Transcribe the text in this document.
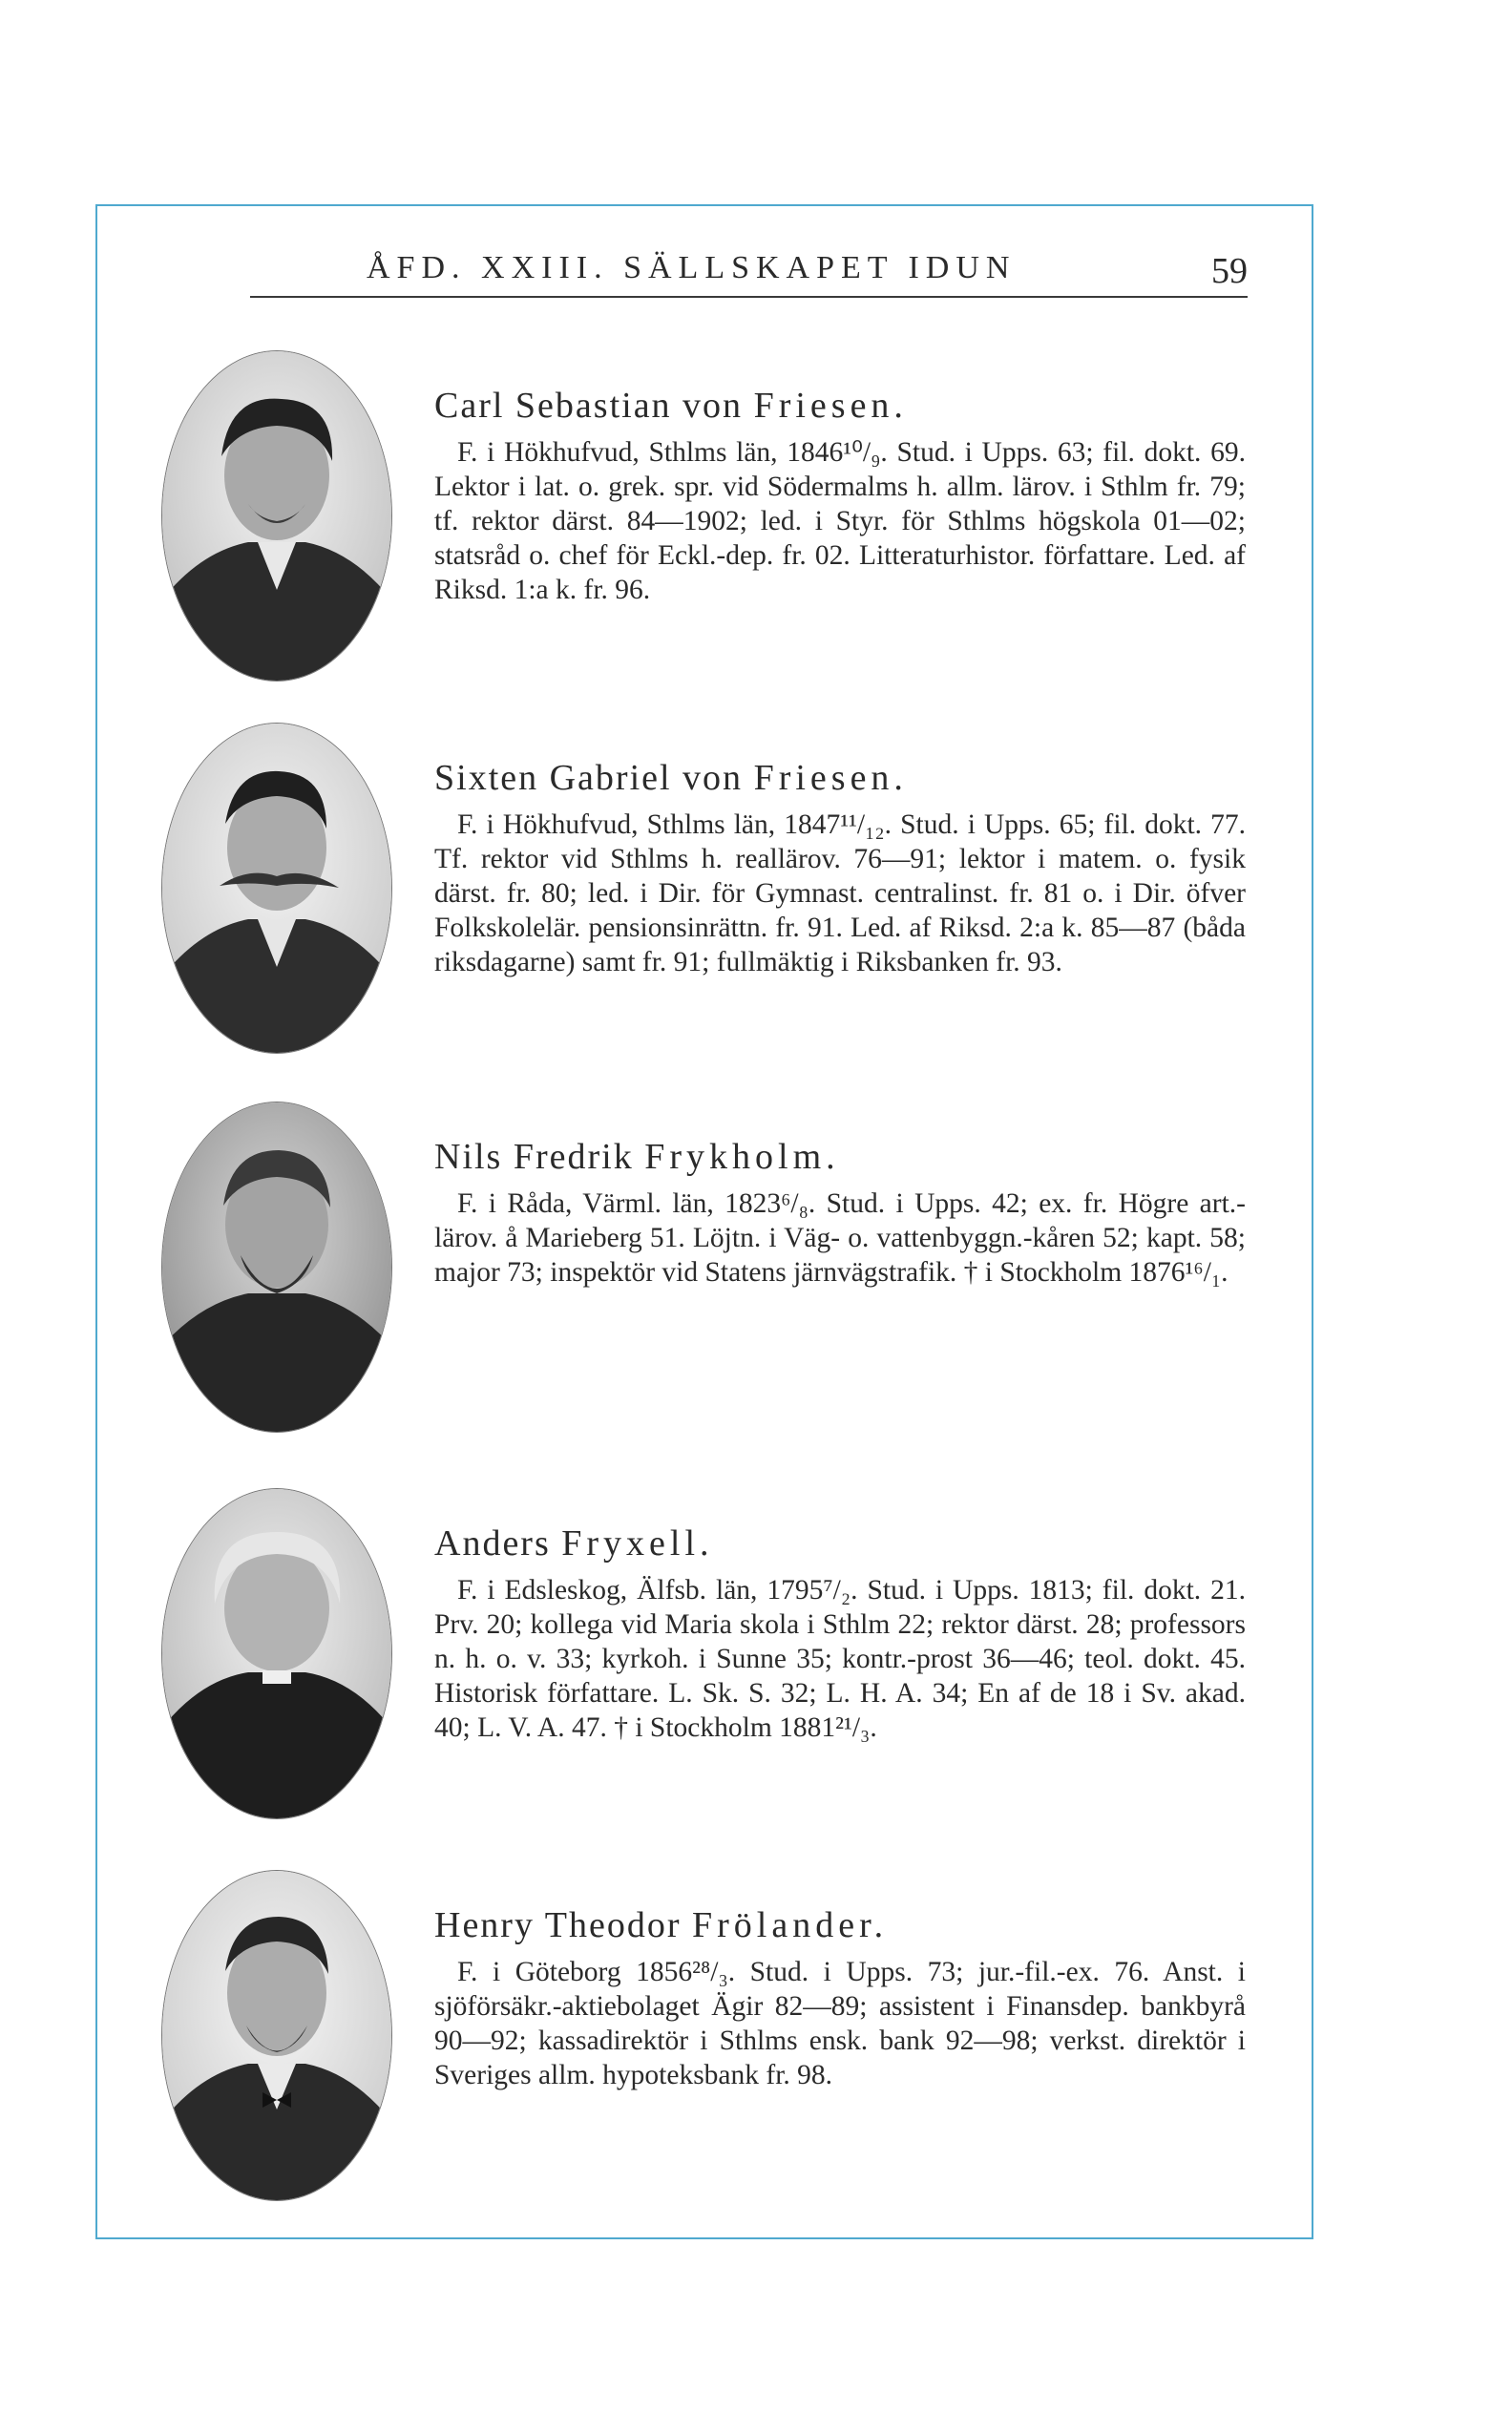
ÅFD. XXIII. SÄLLSKAPET IDUN	59

Carl Sebastian von Friesen.

F. i Hökhufvud, Sthlms län, 1846¹⁰/₉. Stud. i Upps. 63; fil. dokt. 69. Lektor i lat. o. grek. spr. vid Södermalms h. allm. lärov. i Sthlm fr. 79; tf. rektor därst. 84—1902; led. i Styr. för Sthlms högskola 01—02; statsråd o. chef för Eckl.-dep. fr. 02. Litteraturhistor. författare. Led. af Riksd. 1:a k. fr. 96.

Sixten Gabriel von Friesen.

F. i Hökhufvud, Sthlms län, 1847¹¹/₁₂. Stud. i Upps. 65; fil. dokt. 77. Tf. rektor vid Sthlms h. reallärov. 76—91; lektor i matem. o. fysik därst. fr. 80; led. i Dir. för Gymnast. centralinst. fr. 81 o. i Dir. öfver Folkskolelär. pensionsinrättn. fr. 91. Led. af Riksd. 2:a k. 85—87 (båda riksdagarne) samt fr. 91; fullmäktig i Riksbanken fr. 93.

Nils Fredrik Frykholm.

F. i Råda, Värml. län, 1823⁶/₈. Stud. i Upps. 42; ex. fr. Högre art.-lärov. å Marieberg 51. Löjtn. i Väg- o. vattenbyggn.-kåren 52; kapt. 58; major 73; inspektör vid Statens järnvägstrafik. † i Stockholm 1876¹⁶/₁.

Anders Fryxell.

F. i Edsleskog, Älfsb. län, 1795⁷/₂. Stud. i Upps. 1813; fil. dokt. 21. Prv. 20; kollega vid Maria skola i Sthlm 22; rektor därst. 28; professors n. h. o. v. 33; kyrkoh. i Sunne 35; kontr.-prost 36—46; teol. dokt. 45. Historisk författare. L. Sk. S. 32; L. H. A. 34; En af de 18 i Sv. akad. 40; L. V. A. 47. † i Stockholm 1881²¹/₃.

Henry Theodor Frölander.

F. i Göteborg 1856²⁸/₃. Stud. i Upps. 73; jur.-fil.-ex. 76. Anst. i sjöförsäkr.-aktiebolaget Ägir 82—89; assistent i Finansdep. bankbyrå 90—92; kassadirektör i Sthlms ensk. bank 92—98; verkst. direktör i Sveriges allm. hypoteksbank fr. 98.
